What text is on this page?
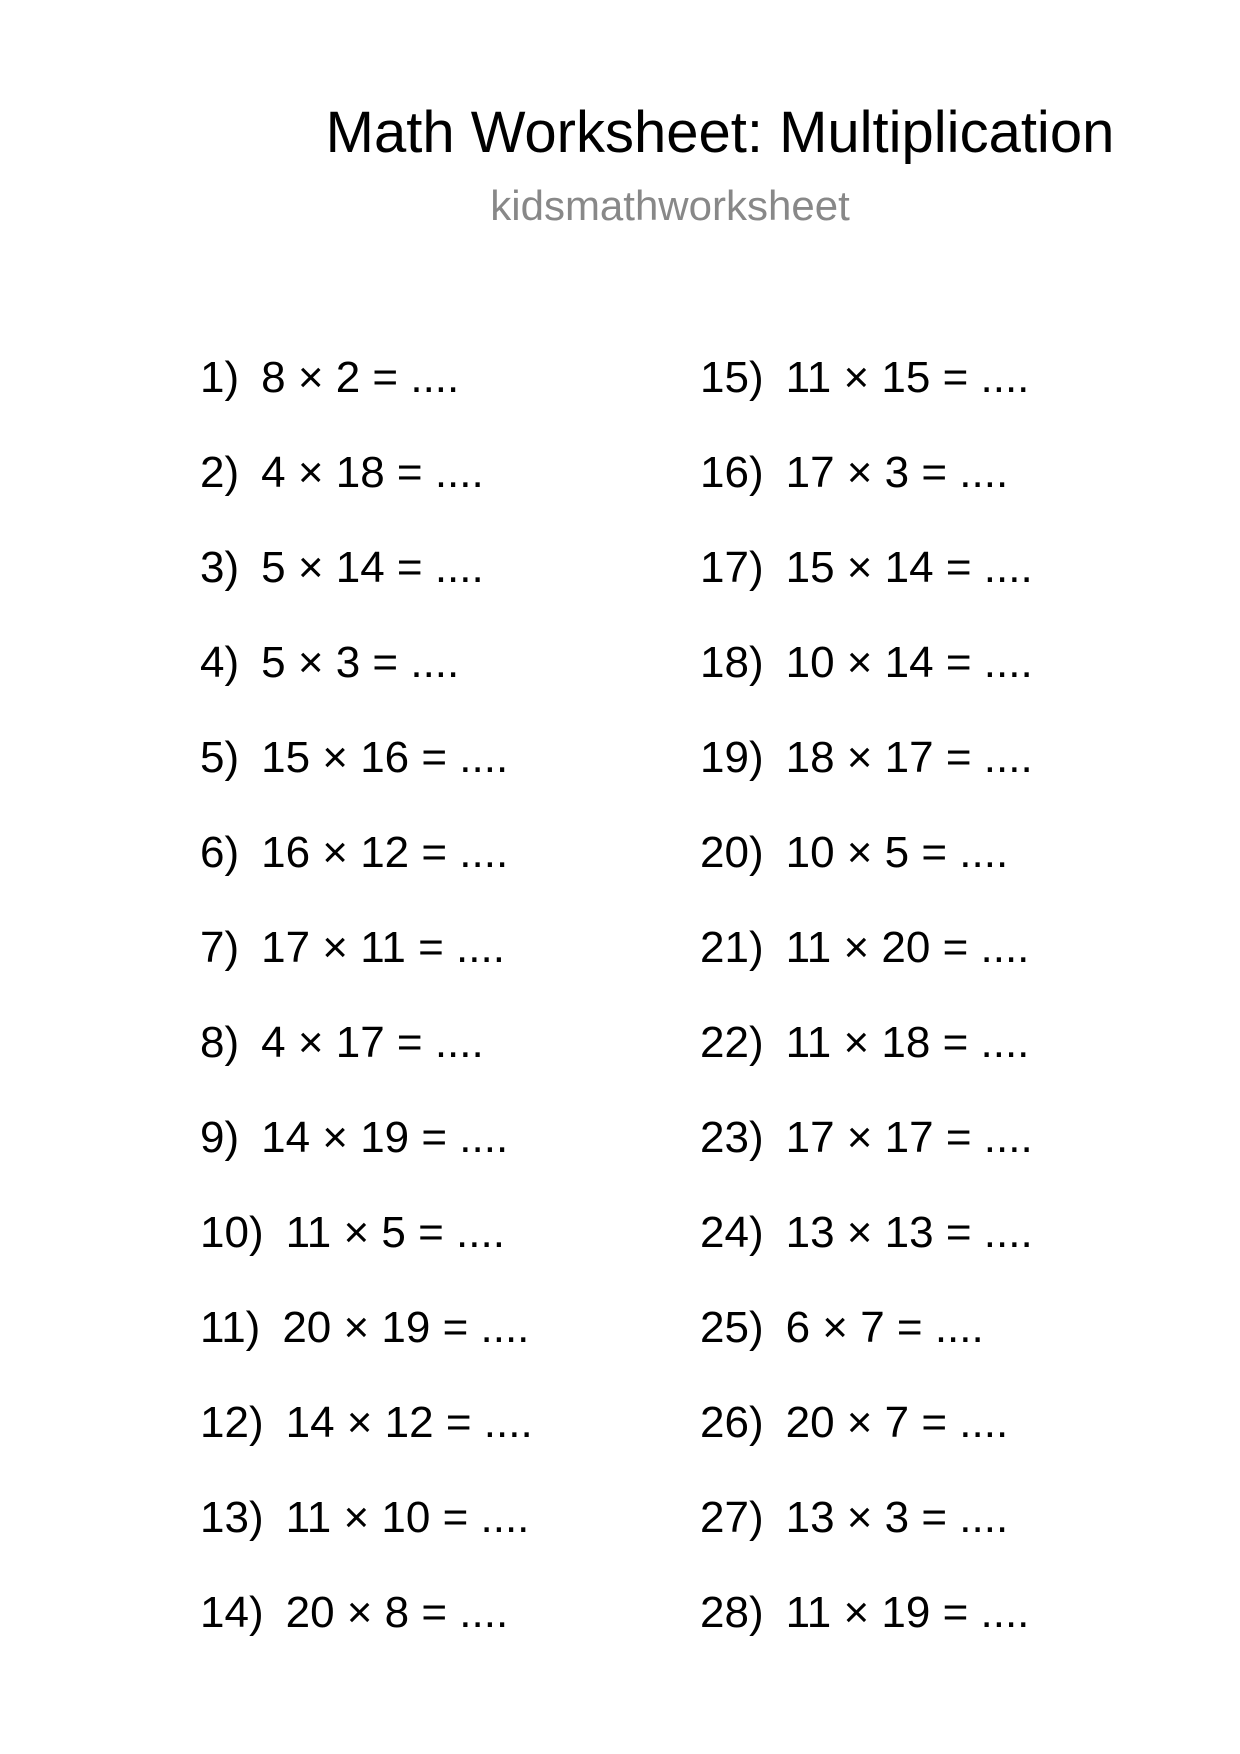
Math Worksheet: Multiplication
kidsmathworksheet
1) 8 × 2 = ....
2) 4 × 18 = ....
3) 5 × 14 = ....
4) 5 × 3 = ....
5) 15 × 16 = ....
6) 16 × 12 = ....
7) 17 × 11 = ....
8) 4 × 17 = ....
9) 14 × 19 = ....
10) 11 × 5 = ....
11) 20 × 19 = ....
12) 14 × 12 = ....
13) 11 × 10 = ....
14) 20 × 8 = ....
15) 11 × 15 = ....
16) 17 × 3 = ....
17) 15 × 14 = ....
18) 10 × 14 = ....
19) 18 × 17 = ....
20) 10 × 5 = ....
21) 11 × 20 = ....
22) 11 × 18 = ....
23) 17 × 17 = ....
24) 13 × 13 = ....
25) 6 × 7 = ....
26) 20 × 7 = ....
27) 13 × 3 = ....
28) 11 × 19 = ....
